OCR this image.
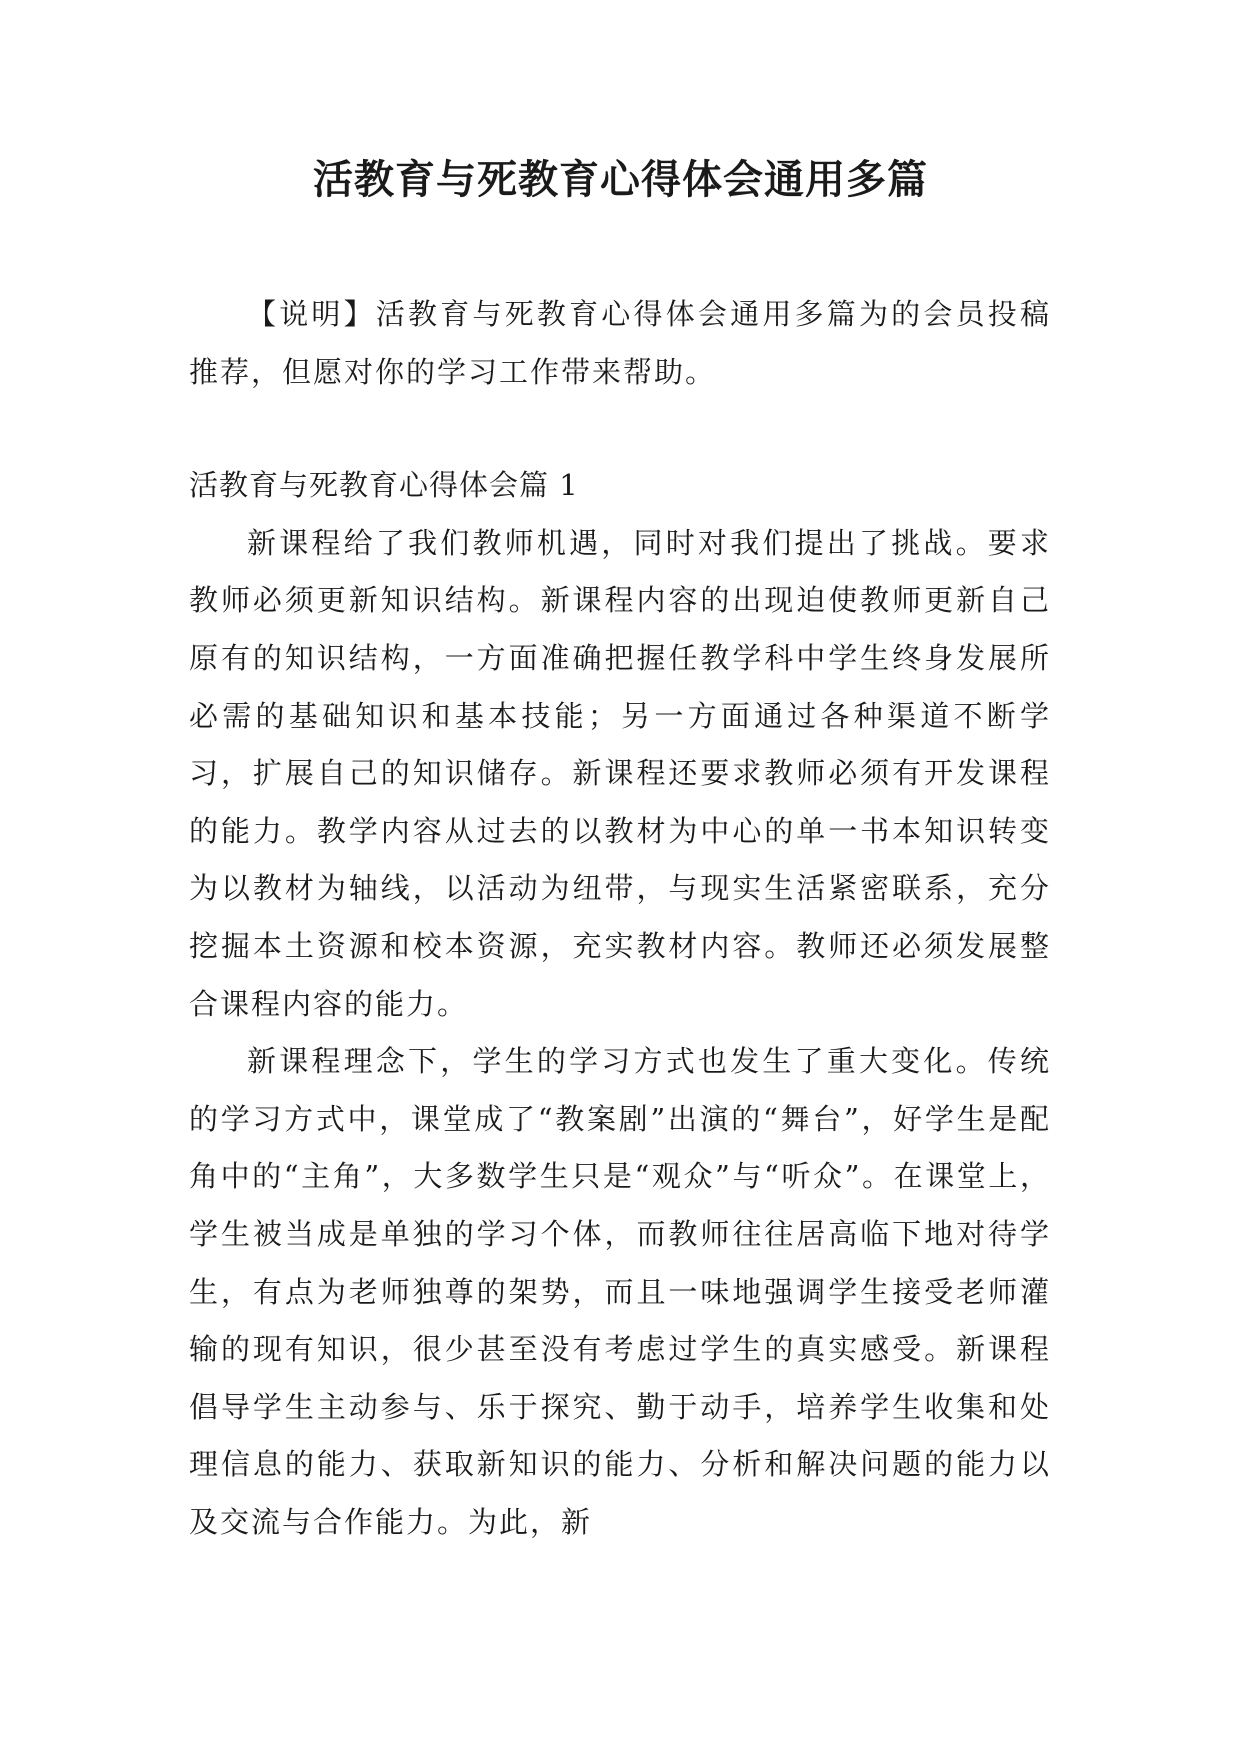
活教育与死教育心得体会通用多篇

【说明】活教育与死教育心得体会通用多篇为的会员投稿推荐，但愿对你的学习工作带来帮助。

活教育与死教育心得体会篇 1

新课程给了我们教师机遇，同时对我们提出了挑战。要求教师必须更新知识结构。新课程内容的出现迫使教师更新自己原有的知识结构，一方面准确把握任教学科中学生终身发展所必需的基础知识和基本技能；另一方面通过各种渠道不断学习，扩展自己的知识储存。新课程还要求教师必须有开发课程的能力。教学内容从过去的以教材为中心的单一书本知识转变为以教材为轴线，以活动为纽带，与现实生活紧密联系，充分挖掘本土资源和校本资源，充实教材内容。教师还必须发展整合课程内容的能力。

新课程理念下，学生的学习方式也发生了重大变化。传统的学习方式中，课堂成了“教案剧”出演的“舞台”，好学生是配角中的“主角”，大多数学生只是“观众”与“听众”。在课堂上，学生被当成是单独的学习个体，而教师往往居高临下地对待学生，有点为老师独尊的架势，而且一味地强调学生接受老师灌输的现有知识，很少甚至没有考虑过学生的真实感受。新课程倡导学生主动参与、乐于探究、勤于动手，培养学生收集和处理信息的能力、获取新知识的能力、分析和解决问题的能力以及交流与合作能力。为此，新
